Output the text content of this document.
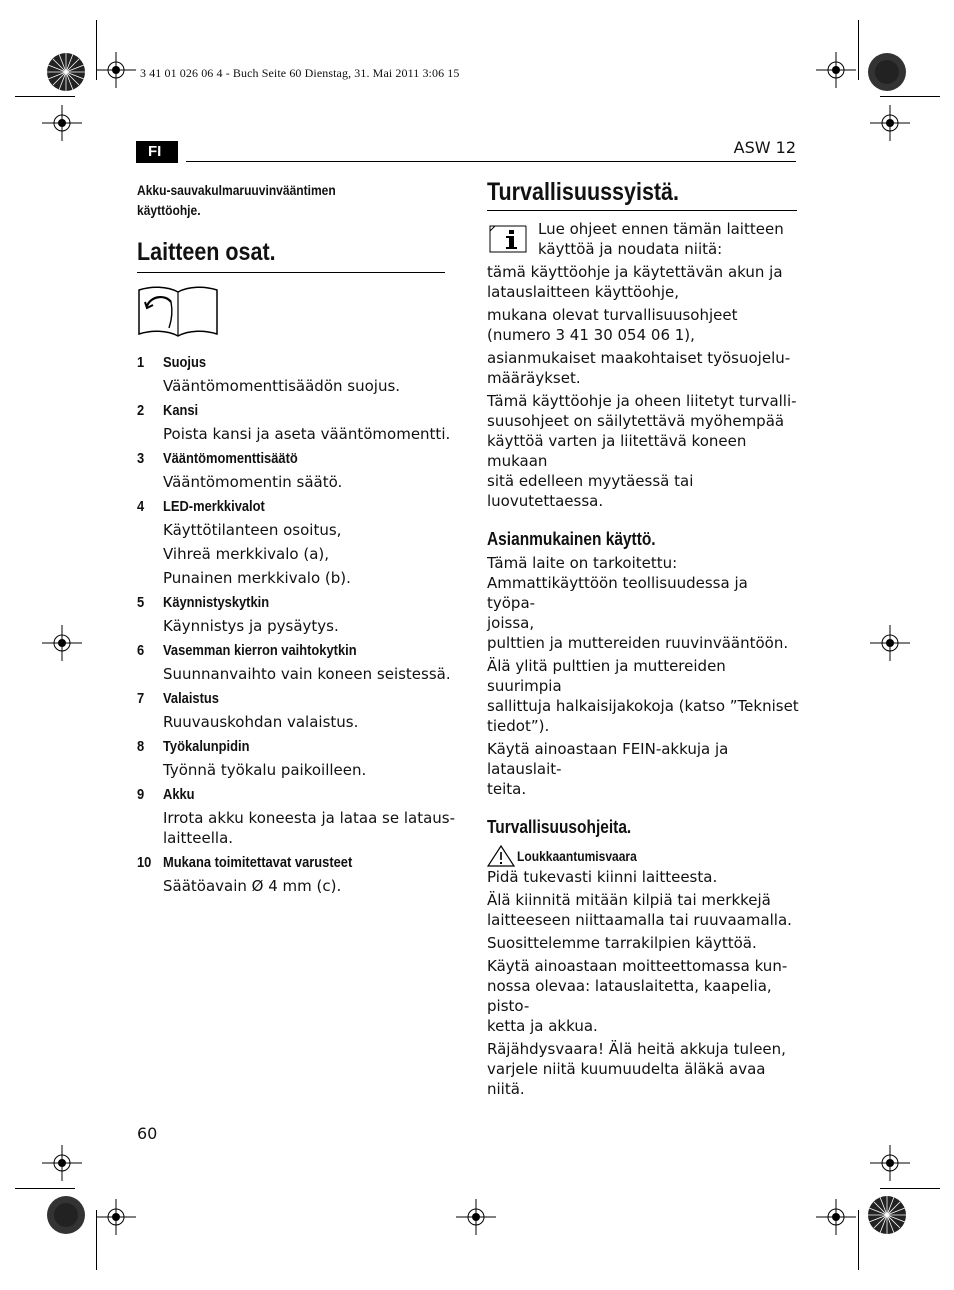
3 41 01 026 06 4 - Buch Seite 60 Dienstag, 31. Mai 2011 3:06 15
FI	ASW 12
Akku-sauvakulmaruuvinvääntimen
käyttöohje.
Laitteen osat.
1 Suojus
Vääntömomenttisäädön suojus.
2 Kansi
Poista kansi ja aseta vääntömomentti.
3 Vääntömomenttisäätö
Vääntömomentin säätö.
4 LED-merkkivalot
Käyttötilanteen osoitus,
Vihreä merkkivalo (a),
Punainen merkkivalo (b).
5 Käynnistyskytkin
Käynnistys ja pysäytys.
6 Vasemman kierron vaihtokytkin
Suunnanvaihto vain koneen seistessä.
7 Valaistus
Ruuvauskohdan valaistus.
8 Työkalunpidin
Työnnä työkalu paikoilleen.
9 Akku
Irrota akku koneesta ja lataa se lataus-
laitteella.
10 Mukana toimitettavat varusteet
Säätöavain Ø 4 mm (c).
Turvallisuussyistä.

Lue ohjeet ennen tämän laitteen
käyttöä ja noudata niitä:

tämä käyttöohje ja käytettävän akun ja
latauslaitteen käyttöohje,

mukana olevat turvallisuusohjeet
(numero 3 41 30 054 06 1),

asianmukaiset maakohtaiset työsuojelu-
määräykset.

Tämä käyttöohje ja oheen liitetyt turvalli-
suusohjeet on säilytettävä myöhempää
käyttöä varten ja liitettävä koneen mukaan
sitä edelleen myytäessä tai luovutettaessa.

Asianmukainen käyttö.

Tämä laite on tarkoitettu:
Ammattikäyttöön teollisuudessa ja työpa-
joissa,
pulttien ja muttereiden ruuvinvääntöön.

Älä ylitä pulttien ja muttereiden suurimpia
sallittuja halkaisijakokoja (katso ”Tekniset
tiedot”).

Käytä ainoastaan FEIN-akkuja ja latauslait-
teita.

Turvallisuusohjeita.
Loukkaantumisvaara

Pidä tukevasti kiinni laitteesta.

Älä kiinnitä mitään kilpiä tai merkkejä
laitteeseen niittaamalla tai ruuvaamalla.

Suosittelemme tarrakilpien käyttöä.

Käytä ainoastaan moitteettomassa kun-
nossa olevaa: latauslaitetta, kaapelia, pisto-
ketta ja akkua.

Räjähdysvaara! Älä heitä akkuja tuleen,
varjele niitä kuumuudelta äläkä avaa niitä.

60
